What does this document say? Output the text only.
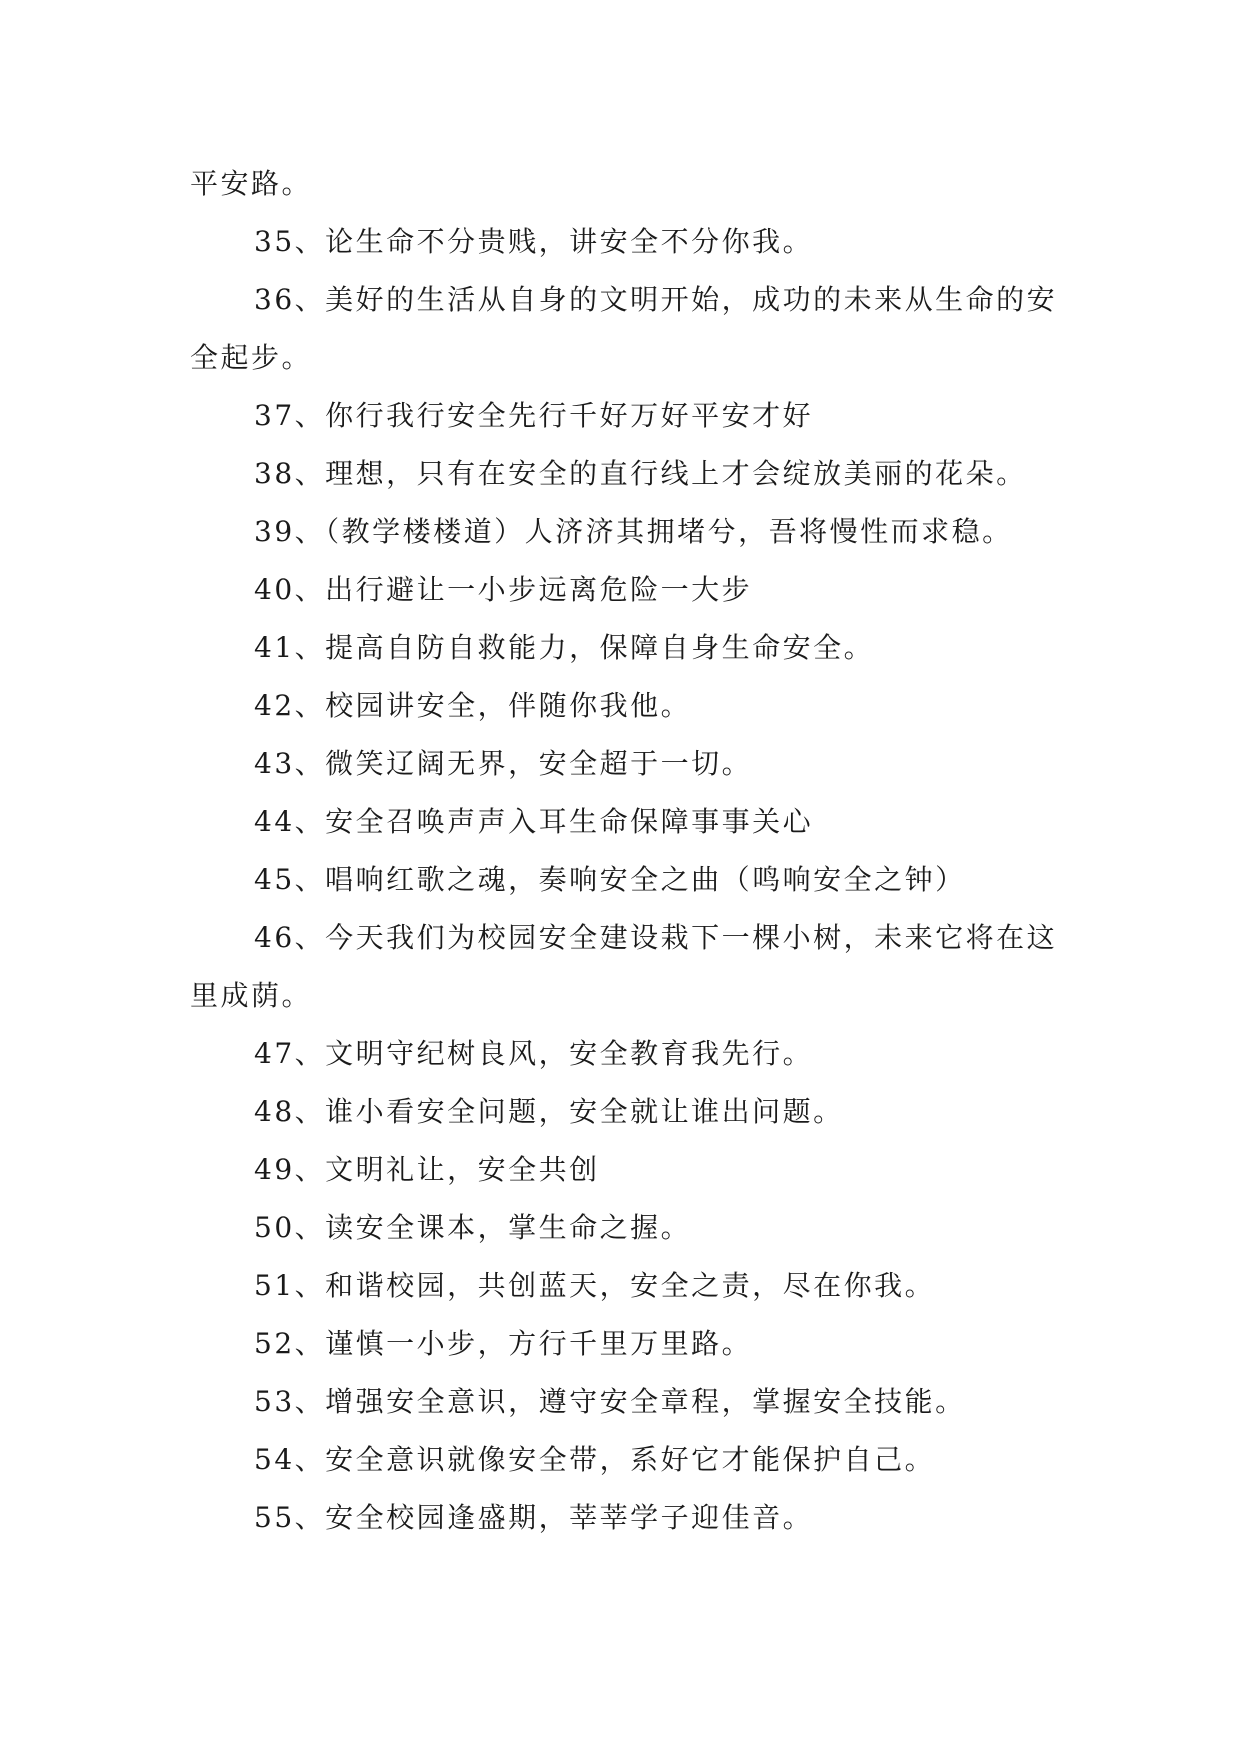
平安路。

35、论生命不分贵贱，讲安全不分你我。

36、美好的生活从自身的文明开始，成功的未来从生命的安全起步。

37、你行我行安全先行千好万好平安才好

38、理想，只有在安全的直行线上才会绽放美丽的花朵。

39、（教学楼楼道）人济济其拥堵兮，吾将慢性而求稳。

40、出行避让一小步远离危险一大步

41、提高自防自救能力，保障自身生命安全。

42、校园讲安全，伴随你我他。

43、微笑辽阔无界，安全超于一切。

44、安全召唤声声入耳生命保障事事关心

45、唱响红歌之魂，奏响安全之曲（鸣响安全之钟）

46、今天我们为校园安全建设栽下一棵小树，未来它将在这里成荫。

47、文明守纪树良风，安全教育我先行。

48、谁小看安全问题，安全就让谁出问题。

49、文明礼让，安全共创

50、读安全课本，掌生命之握。

51、和谐校园，共创蓝天，安全之责，尽在你我。

52、谨慎一小步，方行千里万里路。

53、增强安全意识，遵守安全章程，掌握安全技能。

54、安全意识就像安全带，系好它才能保护自己。

55、安全校园逢盛期，莘莘学子迎佳音。
